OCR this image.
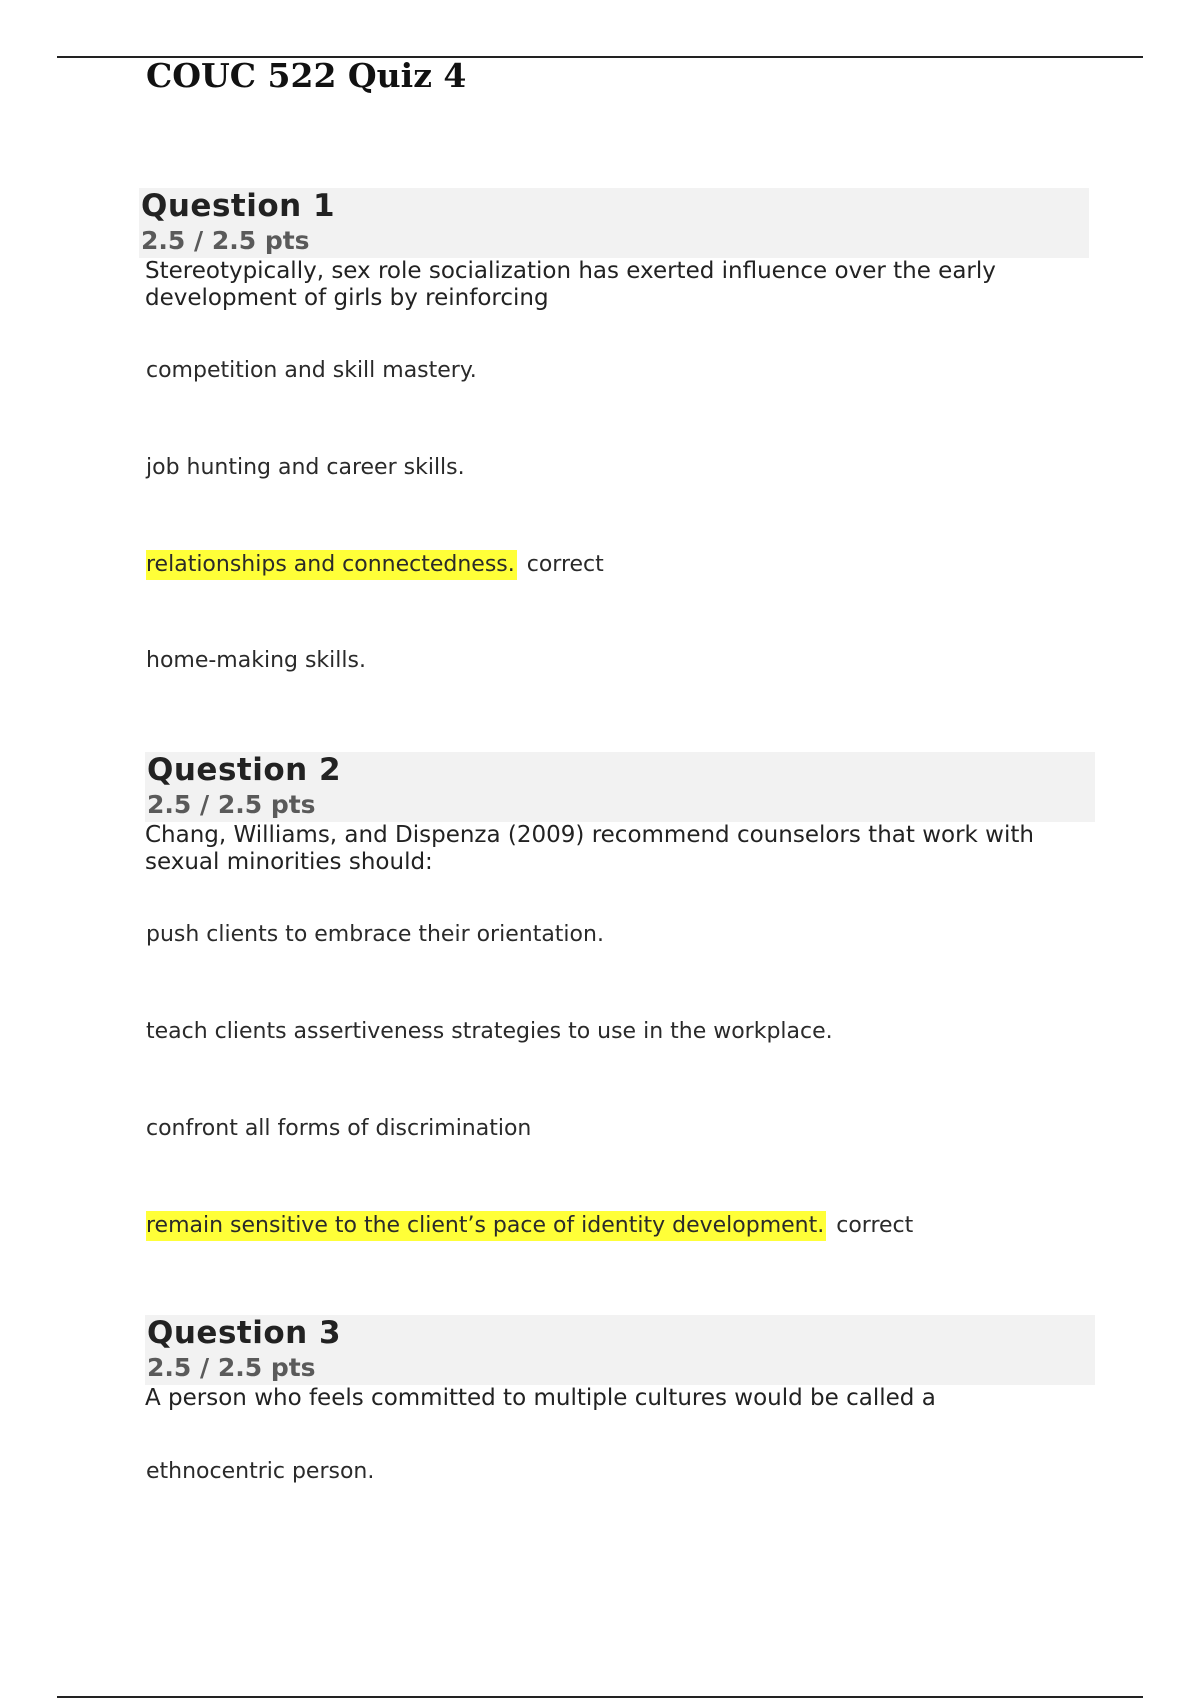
COUC 522 Quiz 4
Question 1
2.5 / 2.5 pts
Stereotypically, sex role socialization has exerted influence over the early development of girls by reinforcing
competition and skill mastery.
job hunting and career skills.
relationships and connectedness. correct
home-making skills.
Question 2
2.5 / 2.5 pts
Chang, Williams, and Dispenza (2009) recommend counselors that work with sexual minorities should:
push clients to embrace their orientation.
teach clients assertiveness strategies to use in the workplace.
confront all forms of discrimination
remain sensitive to the client’s pace of identity development. correct
Question 3
2.5 / 2.5 pts
A person who feels committed to multiple cultures would be called a
ethnocentric person.
